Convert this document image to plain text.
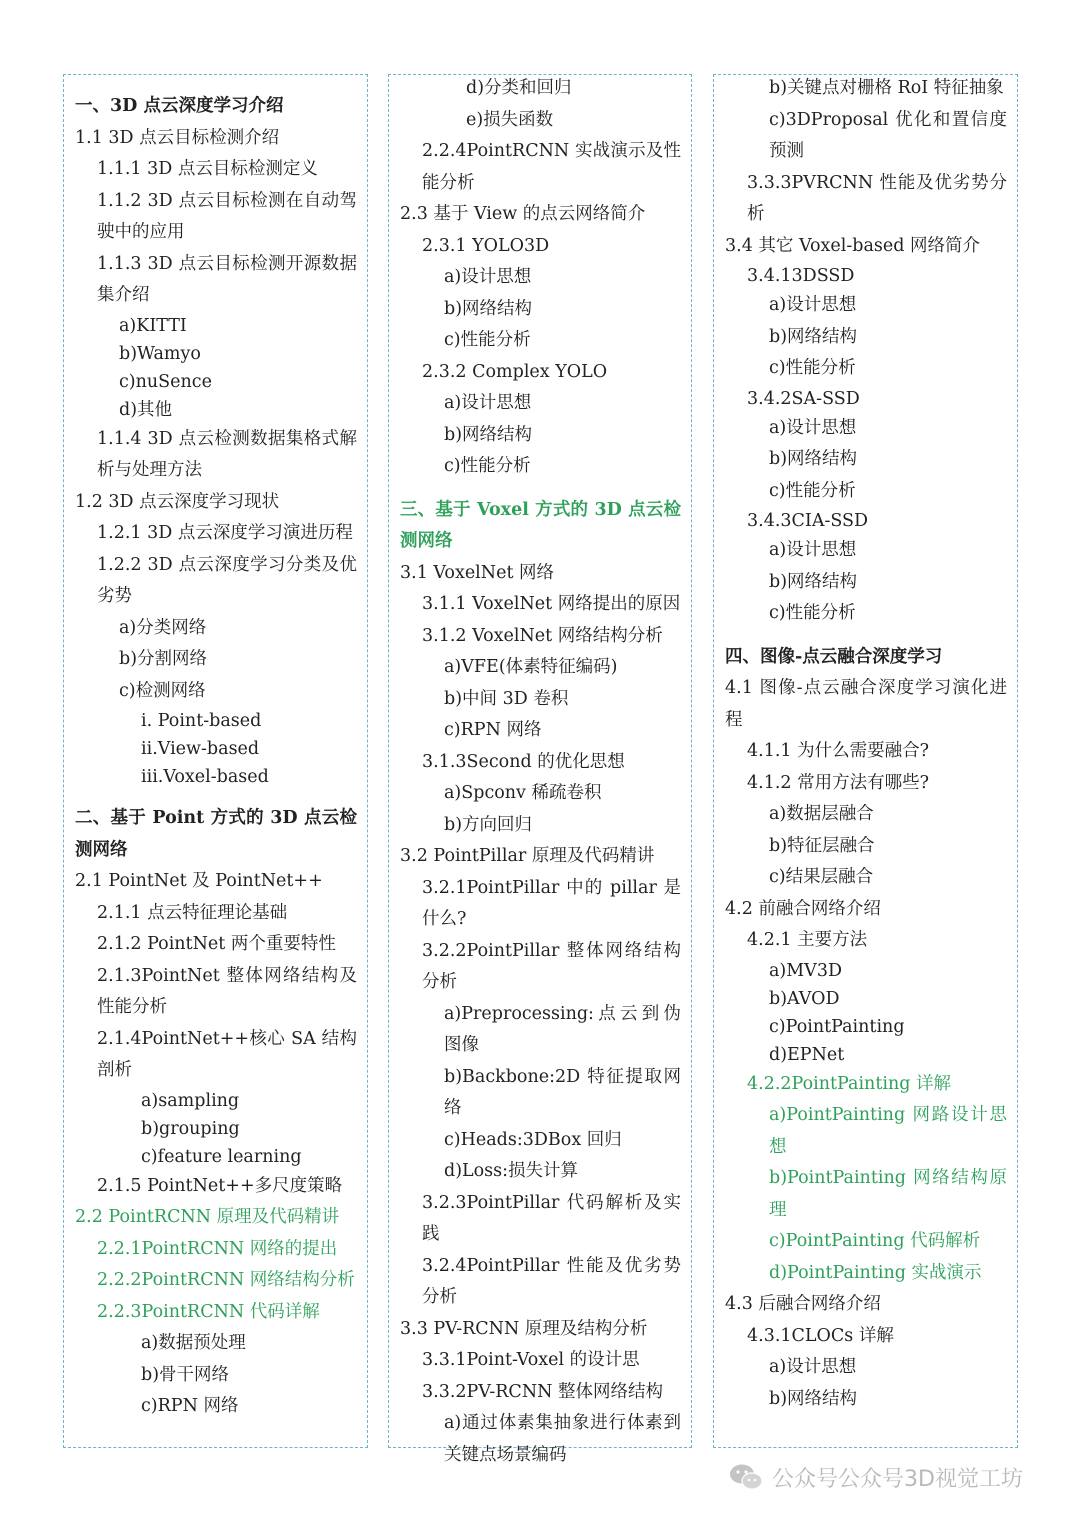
一、3D 点云深度学习介绍
1.1 3D 点云目标检测介绍
1.1.1 3D 点云目标检测定义
1.1.2 3D 点云目标检测在自动驾驶中的应用
1.1.3 3D 点云目标检测开源数据集介绍
a)KITTI
b)Wamyo
c)nuSence
d)其他
1.1.4 3D 点云检测数据集格式解析与处理方法
1.2 3D 点云深度学习现状
1.2.1 3D 点云深度学习演进历程
1.2.2 3D 点云深度学习分类及优劣势
a)分类网络
b)分割网络
c)检测网络
i. Point-based
ii.View-based
iii.Voxel-based
二、基于 Point 方式的 3D 点云检测网络
2.1 PointNet 及 PointNet++
2.1.1 点云特征理论基础
2.1.2 PointNet 两个重要特性
2.1.3PointNet 整体网络结构及性能分析
2.1.4PointNet++核心 SA 结构剖析
a)sampling
b)grouping
c)feature learning
2.1.5 PointNet++多尺度策略
2.2 PointRCNN 原理及代码精讲
2.2.1PointRCNN 网络的提出
2.2.2PointRCNN 网络结构分析
2.2.3PointRCNN 代码详解
a)数据预处理
b)骨干网络
c)RPN 网络
d)分类和回归
e)损失函数
2.2.4PointRCNN 实战演示及性能分析
2.3 基于 View 的点云网络简介
2.3.1 YOLO3D
a)设计思想
b)网络结构
c)性能分析
2.3.2 Complex YOLO
a)设计思想
b)网络结构
c)性能分析
三、基于 Voxel 方式的 3D 点云检测网络
3.1 VoxelNet 网络
3.1.1 VoxelNet 网络提出的原因
3.1.2 VoxelNet 网络结构分析
a)VFE(体素特征编码)
b)中间 3D 卷积
c)RPN 网络
3.1.3Second 的优化思想
a)Spconv 稀疏卷积
b)方向回归
3.2 PointPillar 原理及代码精讲
3.2.1PointPillar 中的 pillar 是什么?
3.2.2PointPillar 整体网络结构分析
a)Preprocessing:点云到伪图像
b)Backbone:2D 特征提取网络
c)Heads:3DBox 回归
d)Loss:损失计算
3.2.3PointPillar 代码解析及实践
3.2.4PointPillar 性能及优劣势分析
3.3 PV-RCNN 原理及结构分析
3.3.1Point-Voxel 的设计思
3.3.2PV-RCNN 整体网络结构
a)通过体素集抽象进行体素到关键点场景编码
b)关键点对栅格 RoI 特征抽象
c)3DProposal 优化和置信度预测
3.3.3PVRCNN 性能及优劣势分析
3.4 其它 Voxel-based 网络简介
3.4.13DSSD
a)设计思想
b)网络结构
c)性能分析
3.4.2SA-SSD
a)设计思想
b)网络结构
c)性能分析
3.4.3CIA-SSD
a)设计思想
b)网络结构
c)性能分析
四、图像-点云融合深度学习
4.1 图像-点云融合深度学习演化进程
4.1.1 为什么需要融合?
4.1.2 常用方法有哪些?
a)数据层融合
b)特征层融合
c)结果层融合
4.2 前融合网络介绍
4.2.1 主要方法
a)MV3D
b)AVOD
c)PointPainting
d)EPNet
4.2.2PointPainting 详解
a)PointPainting 网路设计思想
b)PointPainting 网络结构原理
c)PointPainting 代码解析
d)PointPainting 实战演示
4.3 后融合网络介绍
4.3.1CLOCs 详解
a)设计思想
b)网络结构
公众号公众号3D视觉工坊
